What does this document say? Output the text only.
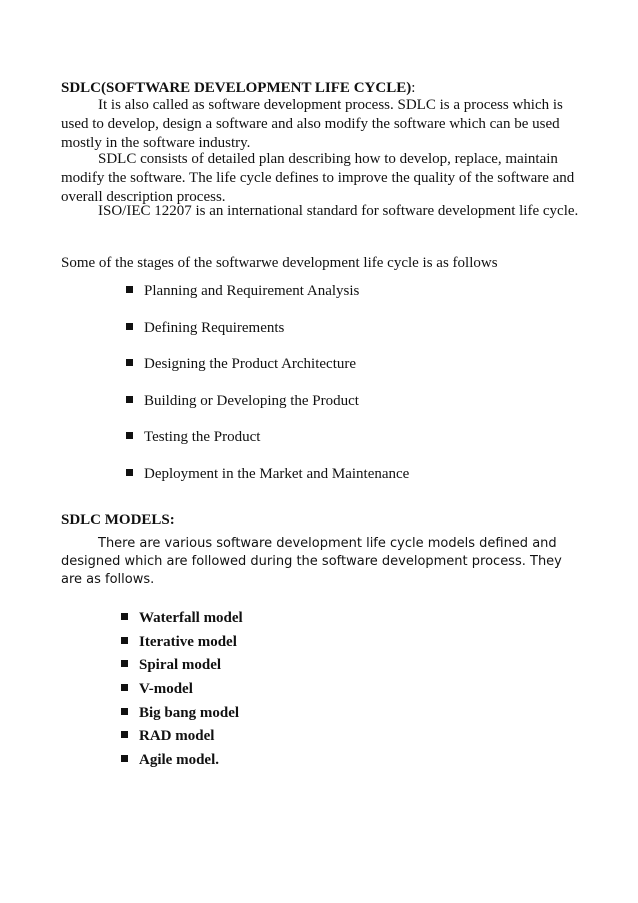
SDLC(SOFTWARE DEVELOPMENT LIFE CYCLE):

It is also called as software development process. SDLC is a process which is used to develop, design a software and also modify the software which can be used mostly in the software industry.

SDLC consists of detailed plan describing how to develop, replace, maintain modify the software. The life cycle defines to improve the quality of the software and overall description process.

ISO/IEC 12207 is an international standard for software development life cycle.

Some of the stages of the softwarwe development life cycle is as follows

Planning and Requirement Analysis
Defining Requirements
Designing the Product Architecture
Building or Developing the Product
Testing the Product
Deployment in the Market and Maintenance

SDLC MODELS:

There are various software development life cycle models defined and designed which are followed during the software development process. They are as follows.

Waterfall model
Iterative model
Spiral model
V-model
Big bang model
RAD model
Agile model.
